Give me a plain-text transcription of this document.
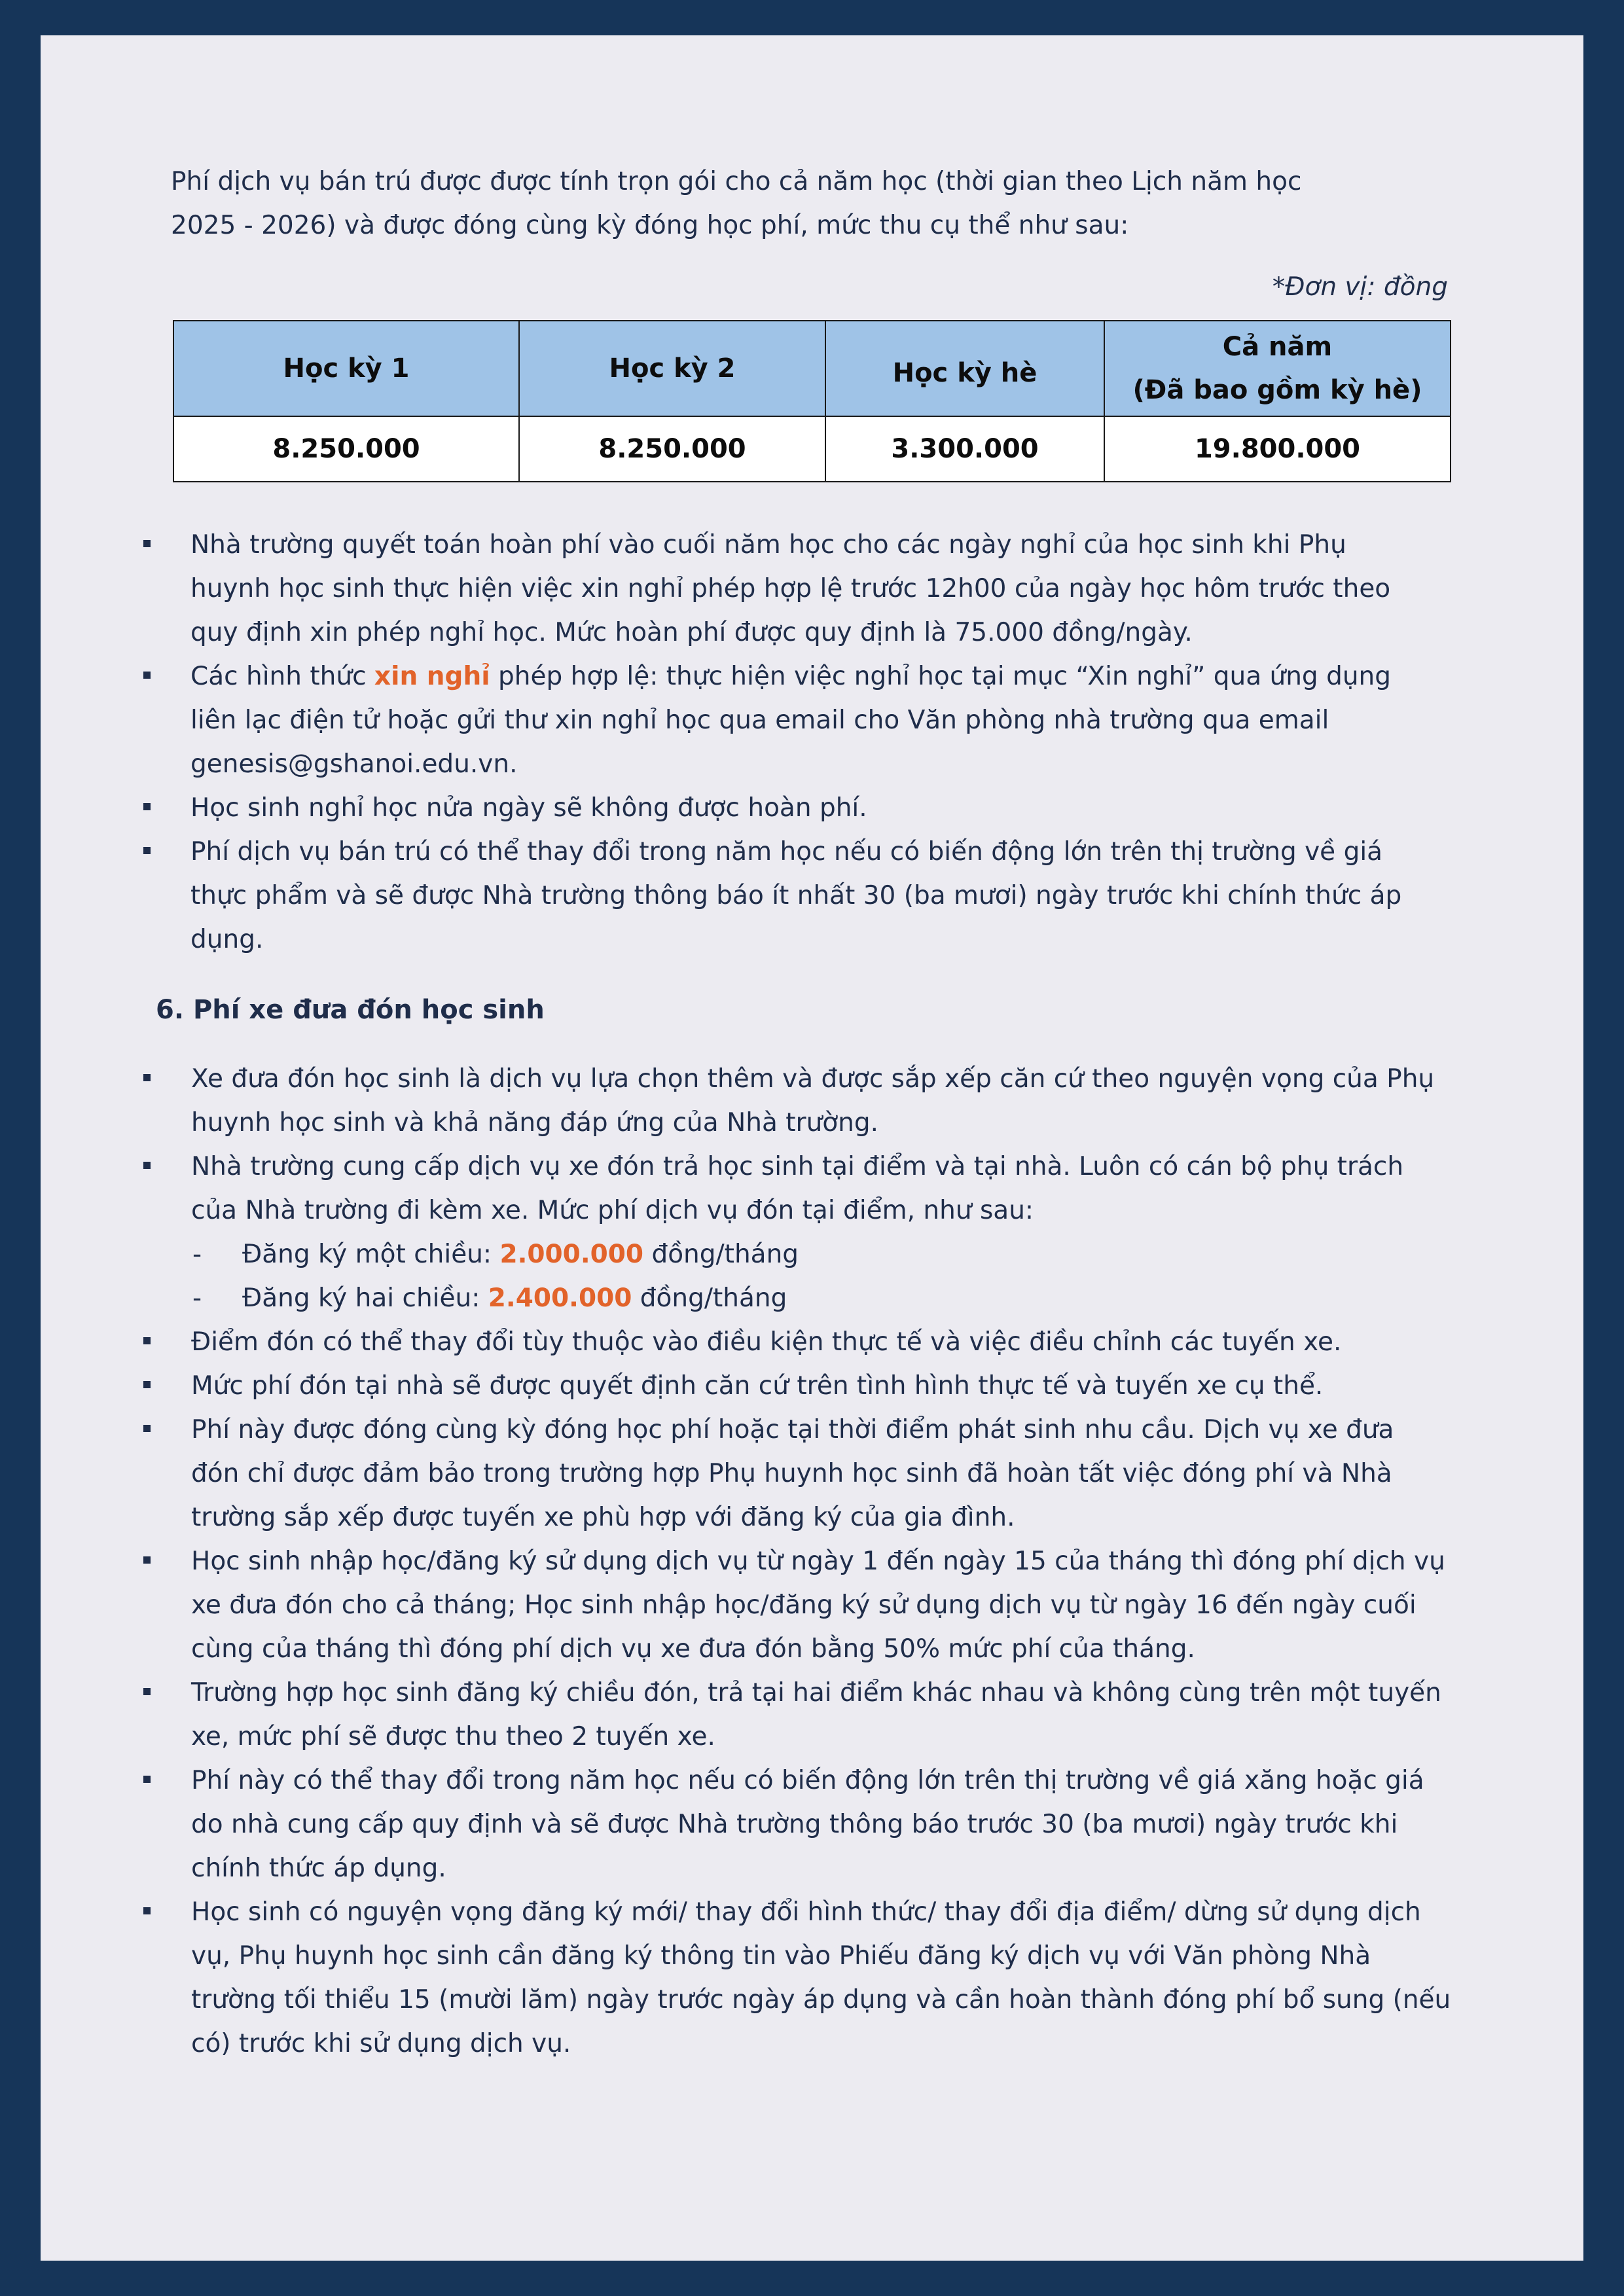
Phí dịch vụ bán trú được được tính trọn gói cho cả năm học (thời gian theo Lịch năm học
2025 - 2026) và được đóng cùng kỳ đóng học phí, mức thu cụ thể như sau:
*Đơn vị: đồng
Học kỳ 1	Học kỳ 2	Học kỳ hè	Cả năm
(Đã bao gồm kỳ hè)

8.250.000	8.250.000	3.300.000	19.800.000
Nhà trường quyết toán hoàn phí vào cuối năm học cho các ngày nghỉ của học sinh khi Phụ
huynh học sinh thực hiện việc xin nghỉ phép hợp lệ trước 12h00 của ngày học hôm trước theo
quy định xin phép nghỉ học. Mức hoàn phí được quy định là 75.000 đồng/ngày.
Các hình thức xin nghỉ phép hợp lệ: thực hiện việc nghỉ học tại mục “Xin nghỉ” qua ứng dụng
liên lạc điện tử hoặc gửi thư xin nghỉ học qua email cho Văn phòng nhà trường qua email
genesis@gshanoi.edu.vn.
Học sinh nghỉ học nửa ngày sẽ không được hoàn phí.
Phí dịch vụ bán trú có thể thay đổi trong năm học nếu có biến động lớn trên thị trường về giá
thực phẩm và sẽ được Nhà trường thông báo ít nhất 30 (ba mươi) ngày trước khi chính thức áp
dụng.
6. Phí xe đưa đón học sinh
Xe đưa đón học sinh là dịch vụ lựa chọn thêm và được sắp xếp căn cứ theo nguyện vọng của Phụ
huynh học sinh và khả năng đáp ứng của Nhà trường.
Nhà trường cung cấp dịch vụ xe đón trả học sinh tại điểm và tại nhà. Luôn có cán bộ phụ trách
của Nhà trường đi kèm xe. Mức phí dịch vụ đón tại điểm, như sau:
- Đăng ký một chiều: 2.000.000 đồng/tháng
- Đăng ký hai chiều: 2.400.000 đồng/tháng
Điểm đón có thể thay đổi tùy thuộc vào điều kiện thực tế và việc điều chỉnh các tuyến xe.
Mức phí đón tại nhà sẽ được quyết định căn cứ trên tình hình thực tế và tuyến xe cụ thể.
Phí này được đóng cùng kỳ đóng học phí hoặc tại thời điểm phát sinh nhu cầu. Dịch vụ xe đưa
đón chỉ được đảm bảo trong trường hợp Phụ huynh học sinh đã hoàn tất việc đóng phí và Nhà
trường sắp xếp được tuyến xe phù hợp với đăng ký của gia đình.
Học sinh nhập học/đăng ký sử dụng dịch vụ từ ngày 1 đến ngày 15 của tháng thì đóng phí dịch vụ
xe đưa đón cho cả tháng; Học sinh nhập học/đăng ký sử dụng dịch vụ từ ngày 16 đến ngày cuối
cùng của tháng thì đóng phí dịch vụ xe đưa đón bằng 50% mức phí của tháng.
Trường hợp học sinh đăng ký chiều đón, trả tại hai điểm khác nhau và không cùng trên một tuyến
xe, mức phí sẽ được thu theo 2 tuyến xe.
Phí này có thể thay đổi trong năm học nếu có biến động lớn trên thị trường về giá xăng hoặc giá
do nhà cung cấp quy định và sẽ được Nhà trường thông báo trước 30 (ba mươi) ngày trước khi
chính thức áp dụng.
Học sinh có nguyện vọng đăng ký mới/ thay đổi hình thức/ thay đổi địa điểm/ dừng sử dụng dịch
vụ, Phụ huynh học sinh cần đăng ký thông tin vào Phiếu đăng ký dịch vụ với Văn phòng Nhà
trường tối thiểu 15 (mười lăm) ngày trước ngày áp dụng và cần hoàn thành đóng phí bổ sung (nếu
có) trước khi sử dụng dịch vụ.
